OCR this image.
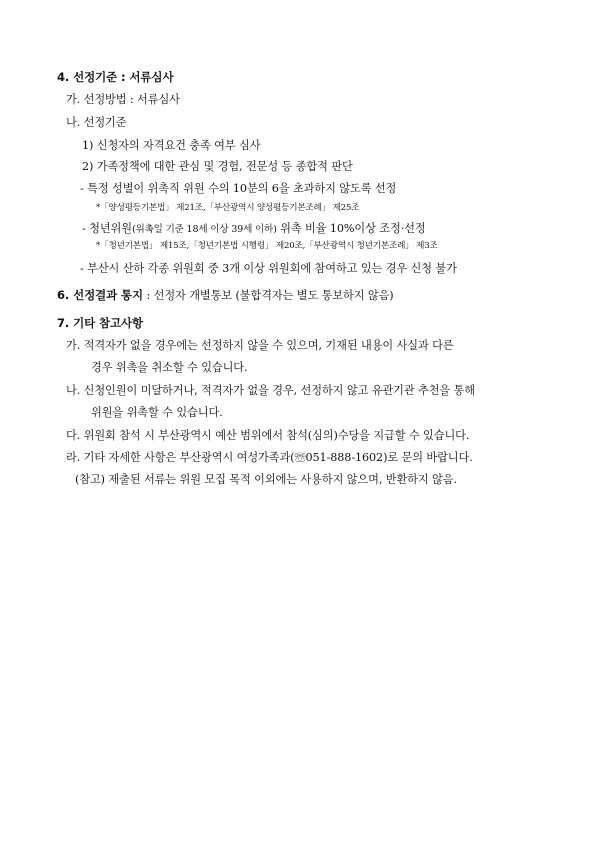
4. 선정기준 : 서류심사
가. 선정방법 : 서류심사
나. 선정기준
1) 신청자의 자격요건 충족 여부 심사
2) 가족정책에 대한 관심 및 경험, 전문성 등 종합적 판단
- 특정 성별이 위촉직 위원 수의 10분의 6을 초과하지 않도록 선정
*「양성평등기본법」 제21조,「부산광역시 양성평등기본조례」 제25조
- 청년위원(위촉일 기준 18세 이상 39세 이하) 위촉 비율 10%이상 조정·선정
*「청년기본법」 제15조,「청년기본법 시행령」 제20조,「부산광역시 청년기본조례」 제3조
- 부산시 산하 각종 위원회 중 3개 이상 위원회에 참여하고 있는 경우 신청 불가
6. 선정결과 통지 : 선정자 개별통보 (불합격자는 별도 통보하지 않음)
7. 기타 참고사항
가. 적격자가 없을 경우에는 선정하지 않을 수 있으며, 기재된 내용이 사실과 다른
경우 위촉을 취소할 수 있습니다.
나. 신청인원이 미달하거나, 적격자가 없을 경우, 선정하지 않고 유관기관 추천을 통해
위원을 위촉할 수 있습니다.
다. 위원회 참석 시 부산광역시 예산 범위에서 참석(심의)수당을 지급할 수 있습니다.
라. 기타 자세한 사항은 부산광역시 여성가족과(☏051-888-1602)로 문의 바랍니다.
(참고) 제출된 서류는 위원 모집 목적 이외에는 사용하지 않으며, 반환하지 않음.
